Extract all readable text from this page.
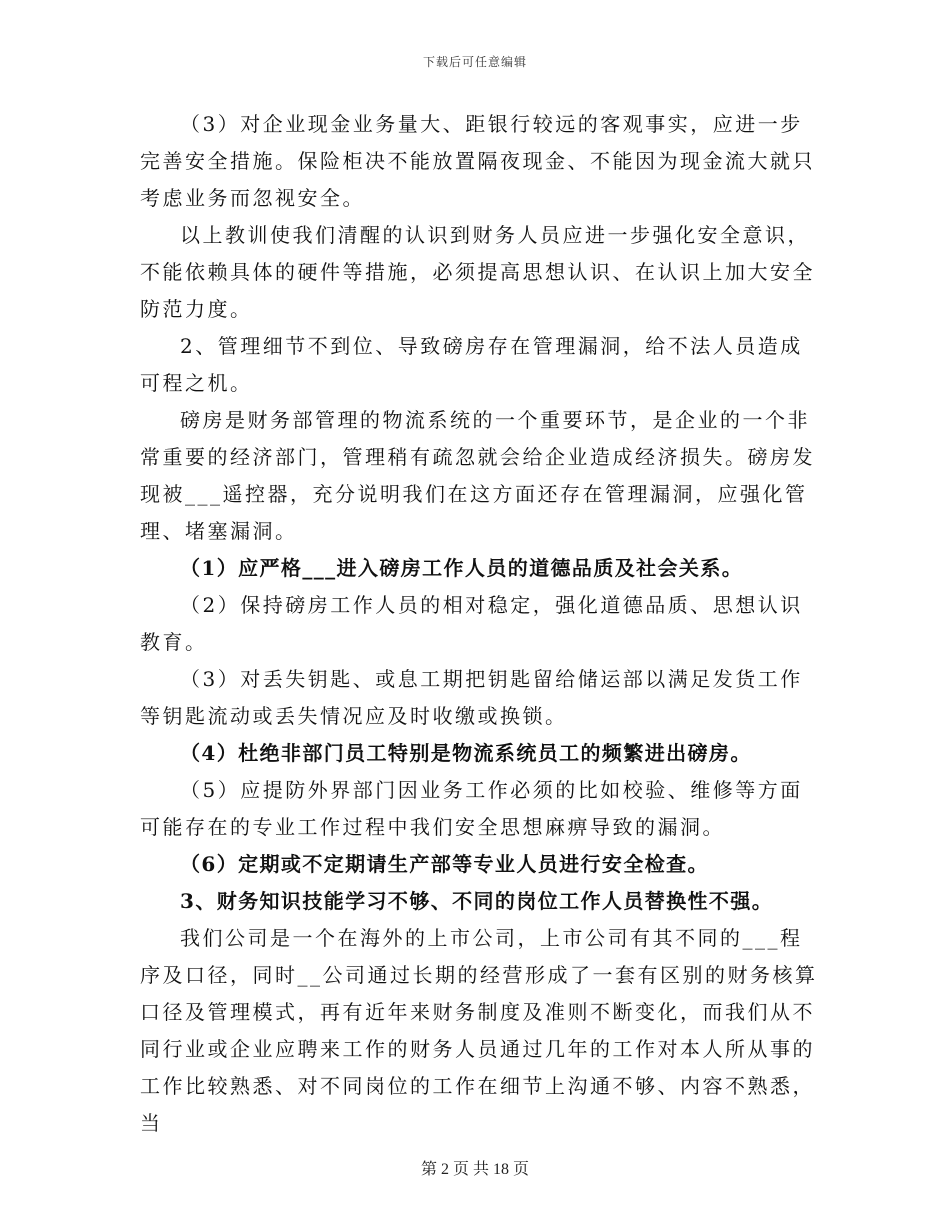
下载后可任意编辑

（3）对企业现金业务量大、距银行较远的客观事实，应进一步完善安全措施。保险柜决不能放置隔夜现金、不能因为现金流大就只考虑业务而忽视安全。

以上教训使我们清醒的认识到财务人员应进一步强化安全意识，不能依赖具体的硬件等措施，必须提高思想认识、在认识上加大安全防范力度。

2、管理细节不到位、导致磅房存在管理漏洞，给不法人员造成可程之机。

磅房是财务部管理的物流系统的一个重要环节，是企业的一个非常重要的经济部门，管理稍有疏忽就会给企业造成经济损失。磅房发现被___遥控器，充分说明我们在这方面还存在管理漏洞，应强化管理、堵塞漏洞。

（1）应严格___进入磅房工作人员的道德品质及社会关系。

（2）保持磅房工作人员的相对稳定，强化道德品质、思想认识教育。

（3）对丢失钥匙、或息工期把钥匙留给储运部以满足发货工作等钥匙流动或丢失情况应及时收缴或换锁。

（4）杜绝非部门员工特别是物流系统员工的频繁进出磅房。

（5）应提防外界部门因业务工作必须的比如校验、维修等方面可能存在的专业工作过程中我们安全思想麻痹导致的漏洞。

（6）定期或不定期请生产部等专业人员进行安全检查。

3、财务知识技能学习不够、不同的岗位工作人员替换性不强。

我们公司是一个在海外的上市公司，上市公司有其不同的___程序及口径，同时__公司通过长期的经营形成了一套有区别的财务核算口径及管理模式，再有近年来财务制度及准则不断变化，而我们从不同行业或企业应聘来工作的财务人员通过几年的工作对本人所从事的工作比较熟悉、对不同岗位的工作在细节上沟通不够、内容不熟悉，当

第 2 页 共 18 页
